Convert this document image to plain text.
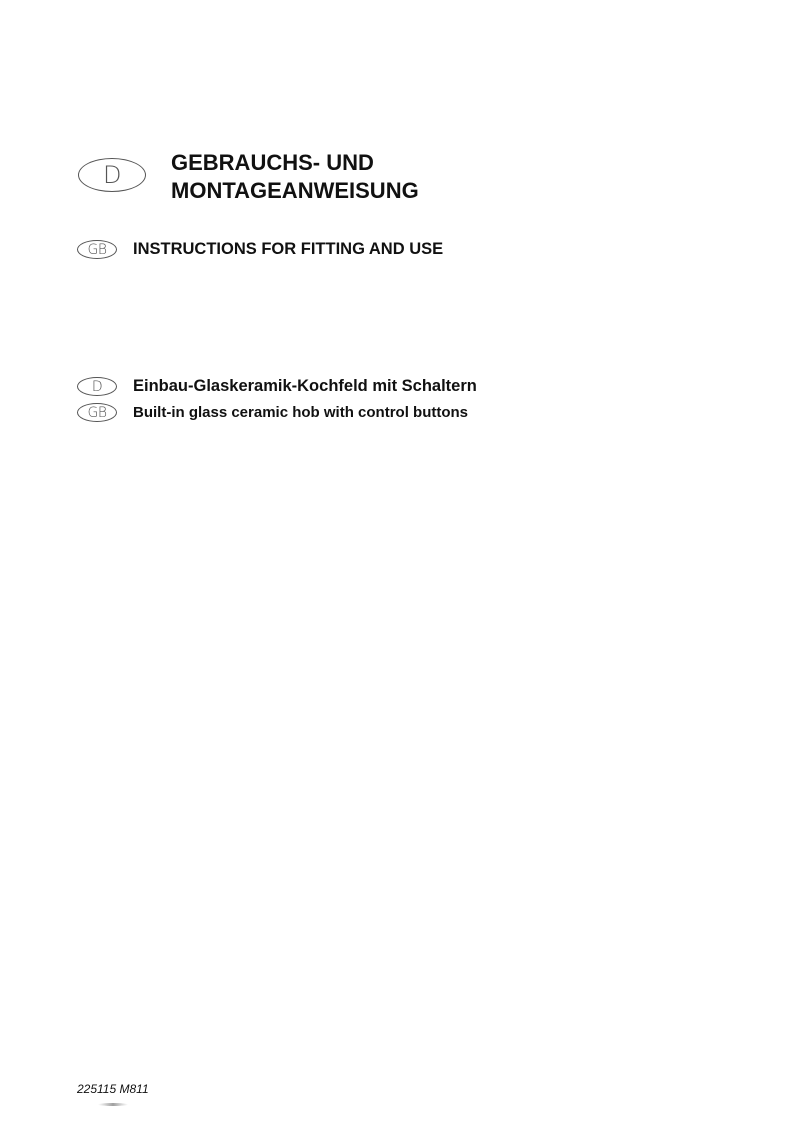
D GEBRAUCHS- UND
MONTAGEANWEISUNG
GB INSTRUCTIONS FOR FITTING AND USE
D Einbau-Glaskeramik-Kochfeld mit Schaltern

GB Built-in glass ceramic hob with control buttons

225115 M811
